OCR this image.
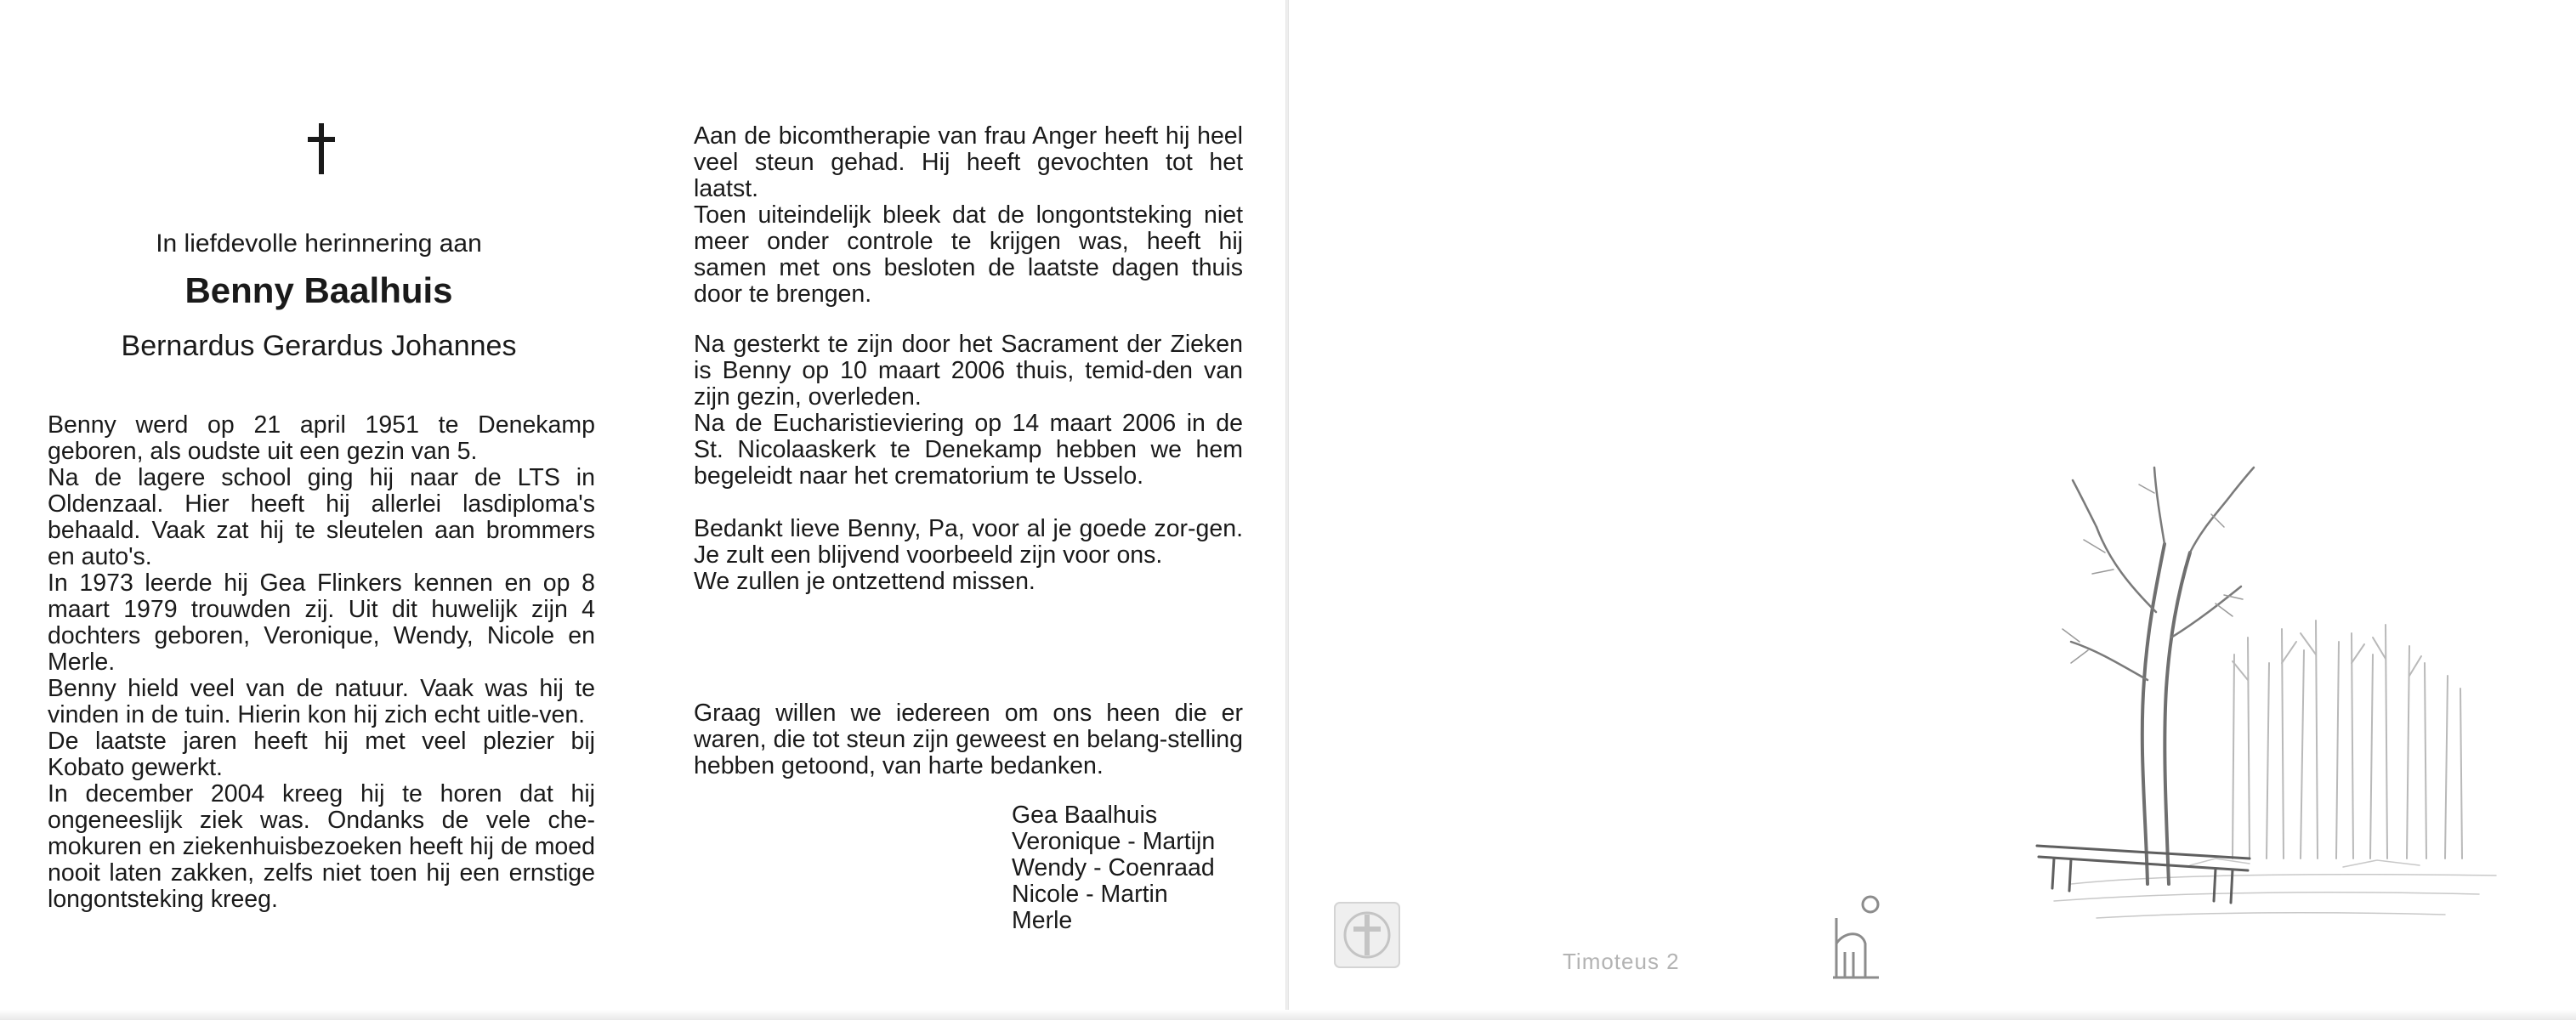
In liefdevolle herinnering aan
Benny Baalhuis
Bernardus Gerardus Johannes

Benny werd op 21 april 1951 te Denekamp geboren, als oudste uit een gezin van 5.

Na de lagere school ging hij naar de LTS in Oldenzaal. Hier heeft hij allerlei lasdiploma's behaald. Vaak zat hij te sleutelen aan brommers en auto's.

In 1973 leerde hij Gea Flinkers kennen en op 8 maart 1979 trouwden zij. Uit dit huwelijk zijn 4 dochters geboren, Veronique, Wendy, Nicole en Merle.

Benny hield veel van de natuur. Vaak was hij te vinden in de tuin. Hierin kon hij zich echt uitle-ven.

De laatste jaren heeft hij met veel plezier bij Kobato gewerkt.

In december 2004 kreeg hij te horen dat hij ongeneeslijk ziek was. Ondanks de vele che-mokuren en ziekenhuisbezoeken heeft hij de moed nooit laten zakken, zelfs niet toen hij een ernstige longontsteking kreeg.

Aan de bicomtherapie van frau Anger heeft hij heel veel steun gehad. Hij heeft gevochten tot het laatst.

Toen uiteindelijk bleek dat de longontsteking niet meer onder controle te krijgen was, heeft hij samen met ons besloten de laatste dagen thuis door te brengen.

Na gesterkt te zijn door het Sacrament der Zieken is Benny op 10 maart 2006 thuis, temid-den van zijn gezin, overleden.

Na de Eucharistieviering op 14 maart 2006 in de St. Nicolaaskerk te Denekamp hebben we hem begeleidt naar het crematorium te Usselo.

Bedankt lieve Benny, Pa, voor al je goede zor-gen. Je zult een blijvend voorbeeld zijn voor ons.

We zullen je ontzettend missen.

Graag willen we iedereen om ons heen die er waren, die tot steun zijn geweest en belang-stelling hebben getoond, van harte bedanken.

Gea Baalhuis
Veronique - Martijn
Wendy - Coenraad
Nicole - Martin
Merle
Timoteus 2
